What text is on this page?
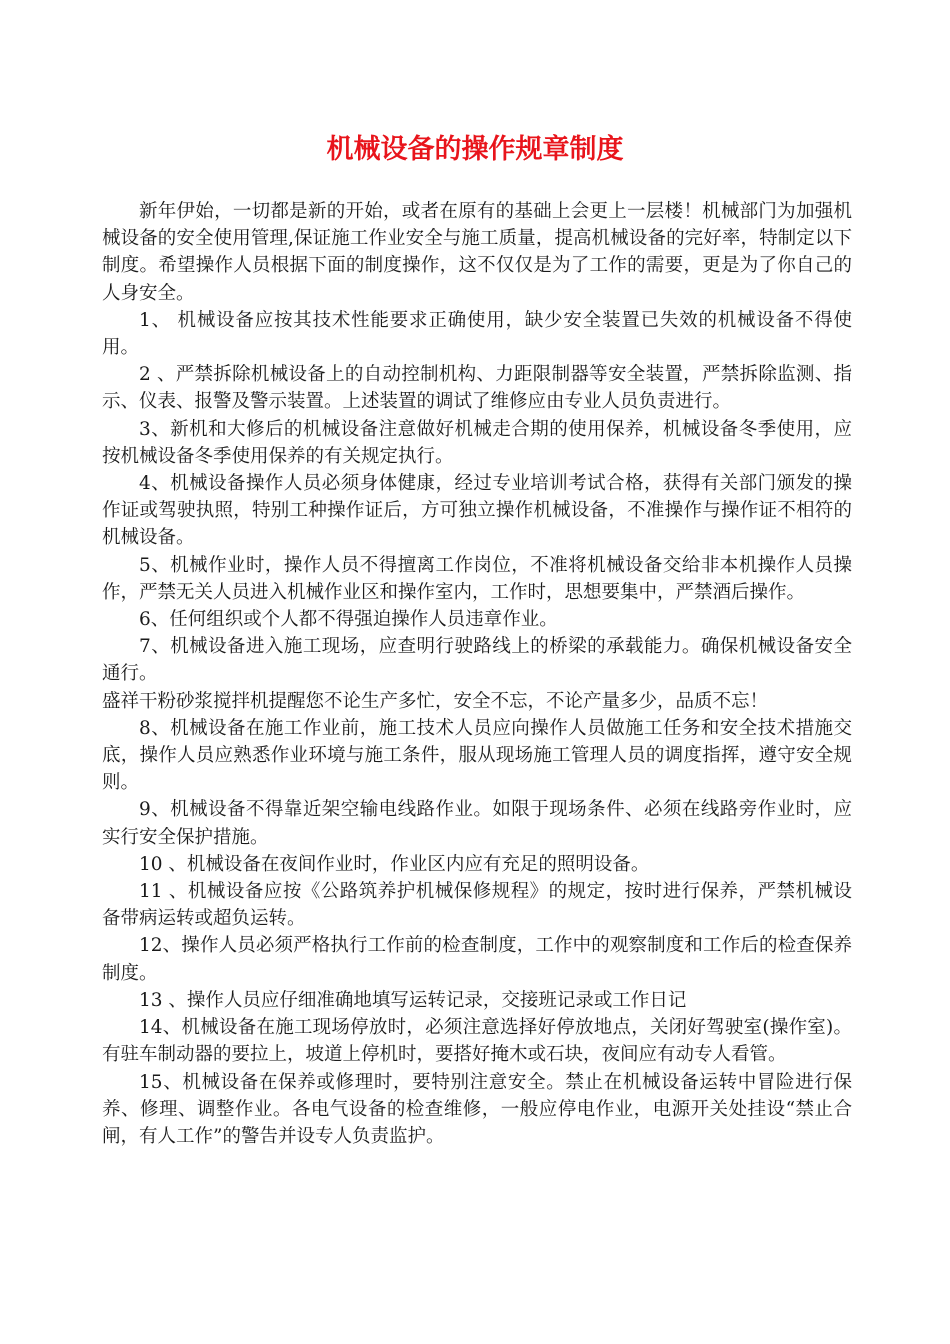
机械设备的操作规章制度

新年伊始，一切都是新的开始，或者在原有的基础上会更上一层楼！机械部门为加强机械设备的安全使用管理,保证施工作业安全与施工质量，提高机械设备的完好率，特制定以下制度。希望操作人员根据下面的制度操作，这不仅仅是为了工作的需要，更是为了你自己的人身安全。

1、 机械设备应按其技术性能要求正确使用，缺少安全装置已失效的机械设备不得使用。

2 、严禁拆除机械设备上的自动控制机构、力距限制器等安全装置，严禁拆除监测、指示、仪表、报警及警示装置。上述装置的调试了维修应由专业人员负责进行。

3、新机和大修后的机械设备注意做好机械走合期的使用保养，机械设备冬季使用，应按机械设备冬季使用保养的有关规定执行。

4、机械设备操作人员必须身体健康，经过专业培训考试合格，获得有关部门颁发的操作证或驾驶执照，特别工种操作证后，方可独立操作机械设备，不准操作与操作证不相符的机械设备。

5、机械作业时，操作人员不得擅离工作岗位，不准将机械设备交给非本机操作人员操作，严禁无关人员进入机械作业区和操作室内，工作时，思想要集中，严禁酒后操作。

6、任何组织或个人都不得强迫操作人员违章作业。

7、机械设备进入施工现场，应查明行驶路线上的桥梁的承载能力。确保机械设备安全通行。

盛祥干粉砂浆搅拌机提醒您不论生产多忙，安全不忘，不论产量多少，品质不忘！

8、机械设备在施工作业前，施工技术人员应向操作人员做施工任务和安全技术措施交底，操作人员应熟悉作业环境与施工条件，服从现场施工管理人员的调度指挥，遵守安全规则。

9、机械设备不得靠近架空输电线路作业。如限于现场条件、必须在线路旁作业时，应实行安全保护措施。

10 、机械设备在夜间作业时，作业区内应有充足的照明设备。

11 、机械设备应按《公路筑养护机械保修规程》的规定，按时进行保养，严禁机械设备带病运转或超负运转。

12、操作人员必须严格执行工作前的检查制度，工作中的观察制度和工作后的检查保养制度。

13 、操作人员应仔细准确地填写运转记录，交接班记录或工作日记

14、机械设备在施工现场停放时，必须注意选择好停放地点，关闭好驾驶室(操作室)。有驻车制动器的要拉上，坡道上停机时，要搭好掩木或石块，夜间应有动专人看管。

15、机械设备在保养或修理时，要特别注意安全。禁止在机械设备运转中冒险进行保养、修理、调整作业。各电气设备的检查维修，一般应停电作业，电源开关处挂设“禁止合闸，有人工作”的警告并设专人负责监护。
